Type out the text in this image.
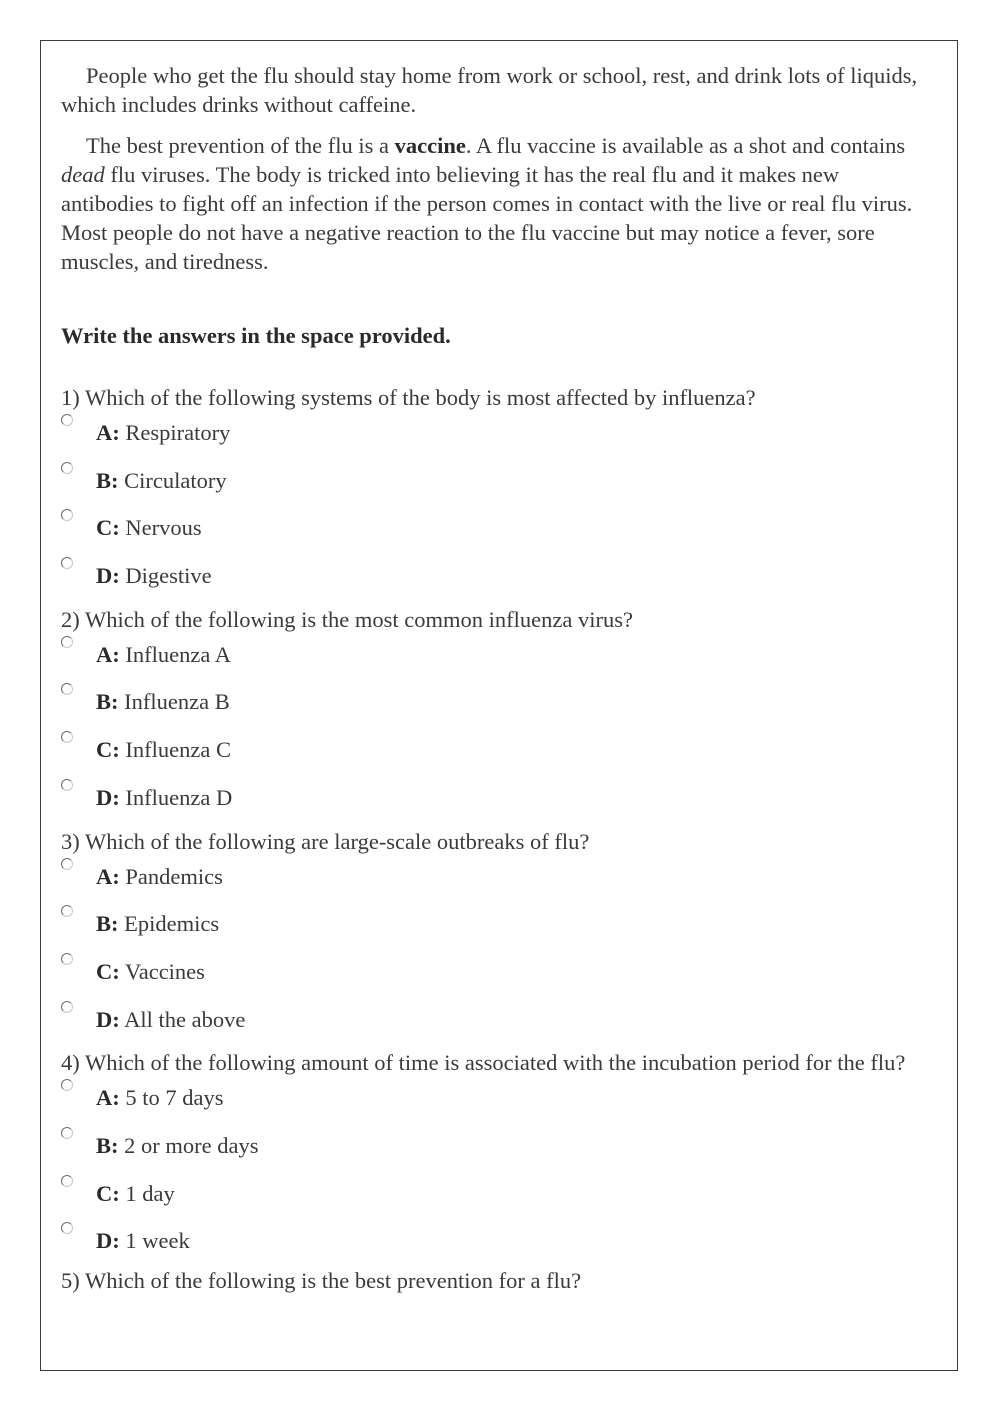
People who get the flu should stay home from work or school, rest, and drink lots of liquids, which includes drinks without caffeine.

The best prevention of the flu is a vaccine. A flu vaccine is available as a shot and contains dead flu viruses. The body is tricked into believing it has the real flu and it makes new antibodies to fight off an infection if the person comes in contact with the live or real flu virus. Most people do not have a negative reaction to the flu vaccine but may notice a fever, sore muscles, and tiredness.

Write the answers in the space provided.
1) Which of the following systems of the body is most affected by influenza?
A: Respiratory
B: Circulatory
C: Nervous
D: Digestive
2) Which of the following is the most common influenza virus?
A: Influenza A
B: Influenza B
C: Influenza C
D: Influenza D
3) Which of the following are large-scale outbreaks of flu?
A: Pandemics
B: Epidemics
C: Vaccines
D: All the above
4) Which of the following amount of time is associated with the incubation period for the flu?
A: 5 to 7 days
B: 2 or more days
C: 1 day
D: 1 week
5) Which of the following is the best prevention for a flu?
